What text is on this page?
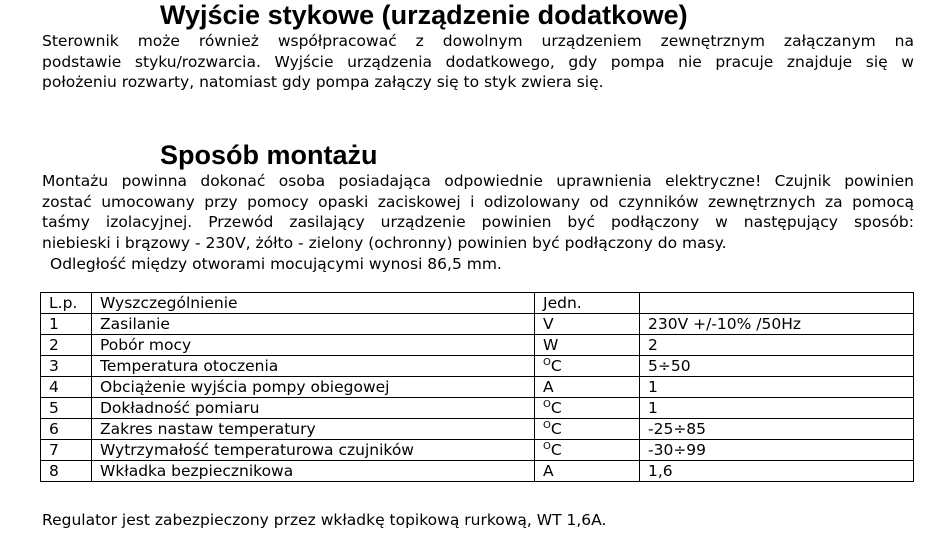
Wyjście stykowe (urządzenie dodatkowe)

Sterownik może również współpracować z dowolnym urządzeniem zewnętrznym załączanym na
podstawie styku/rozwarcia. Wyjście urządzenia dodatkowego, gdy pompa nie pracuje znajduje się w
położeniu rozwarty, natomiast gdy pompa załączy się to styk zwiera się.

Sposób montażu

Montażu powinna dokonać osoba posiadająca odpowiednie uprawnienia elektryczne! Czujnik powinien
zostać umocowany przy pomocy opaski zaciskowej i odizolowany od czynników zewnętrznych za pomocą
taśmy izolacyjnej. Przewód zasilający urządzenie powinien być podłączony w następujący sposób:
niebieski i brązowy - 230V, żółto - zielony (ochronny) powinien być podłączony do masy.

Odległość między otworami mocującymi wynosi 86,5 mm.

L.p.	Wyszczególnienie	Jedn.	
1	Zasilanie	V	230V +/-10% /50Hz
2	Pobór mocy	W	2
3	Temperatura otoczenia	$^O$C	5÷50
4	Obciążenie wyjścia pompy obiegowej	A	1
5	Dokładność pomiaru	$^O$C	1
6	Zakres nastaw temperatury	$^O$C	-25÷85
7	Wytrzymałość temperaturowa czujników	$^O$C	-30÷99
8	Wkładka bezpiecznikowa	A	1,6

Regulator jest zabezpieczony przez wkładkę topikową rurkową, WT 1,6A.
